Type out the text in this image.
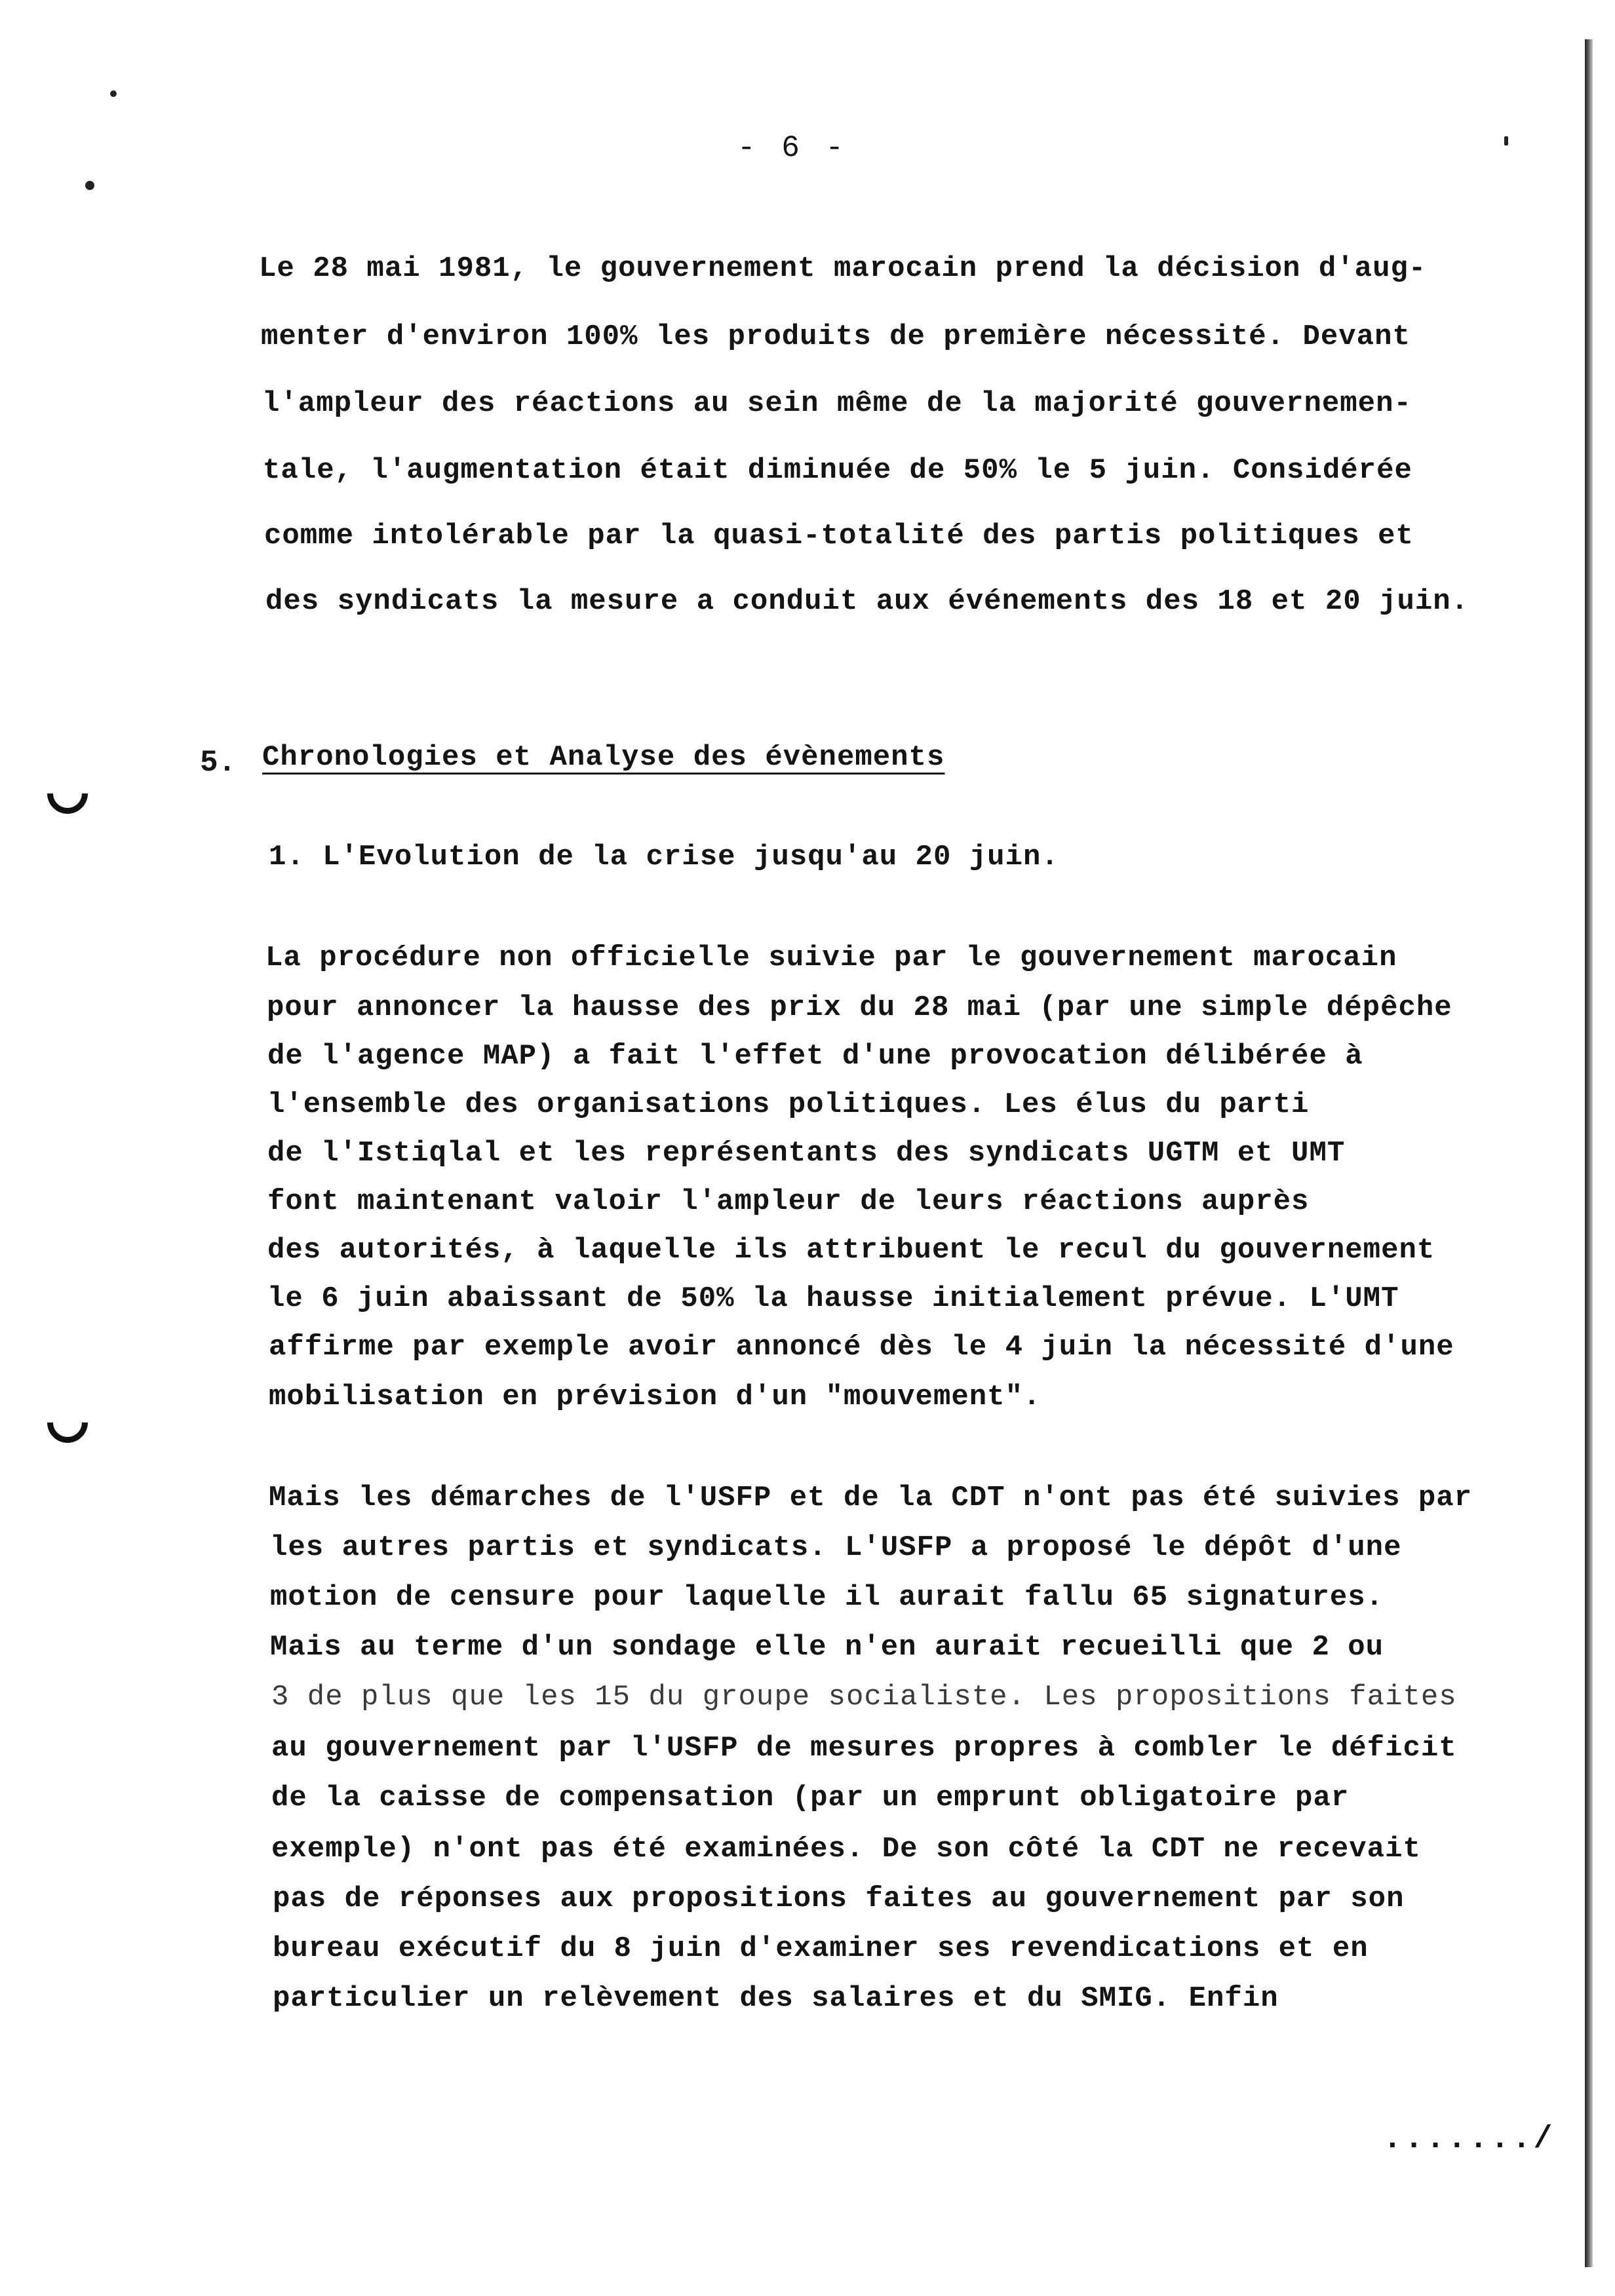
- 6 -
Le 28 mai 1981, le gouvernement marocain prend la décision d'aug-
menter d'environ 100% les produits de première nécessité. Devant
l'ampleur des réactions au sein même de la majorité gouvernemen-
tale, l'augmentation était diminuée de 50% le 5 juin. Considérée
comme intolérable par la quasi-totalité des partis politiques et
des syndicats la mesure a conduit aux événements des 18 et 20 juin.
5. Chronologies et Analyse des évènements
1. L'Evolution de la crise jusqu'au 20 juin.
La procédure non officielle suivie par le gouvernement marocain
pour annoncer la hausse des prix du 28 mai (par une simple dépêche
de l'agence MAP) a fait l'effet d'une provocation délibérée à
l'ensemble des organisations politiques. Les élus du parti
de l'Istiqlal et les représentants des syndicats UGTM et UMT
font maintenant valoir l'ampleur de leurs réactions auprès
des autorités, à laquelle ils attribuent le recul du gouvernement
le 6 juin abaissant de 50% la hausse initialement prévue. L'UMT
affirme par exemple avoir annoncé dès le 4 juin la nécessité d'une
mobilisation en prévision d'un "mouvement".
Mais les démarches de l'USFP et de la CDT n'ont pas été suivies par
les autres partis et syndicats. L'USFP a proposé le dépôt d'une
motion de censure pour laquelle il aurait fallu 65 signatures.
Mais au terme d'un sondage elle n'en aurait recueilli que 2 ou
3 de plus que les 15 du groupe socialiste. Les propositions faites
au gouvernement par l'USFP de mesures propres à combler le déficit
de la caisse de compensation (par un emprunt obligatoire par
exemple) n'ont pas été examinées. De son côté la CDT ne recevait
pas de réponses aux propositions faites au gouvernement par son
bureau exécutif du 8 juin d'examiner ses revendications et en
particulier un relèvement des salaires et du SMIG. Enfin
......./
